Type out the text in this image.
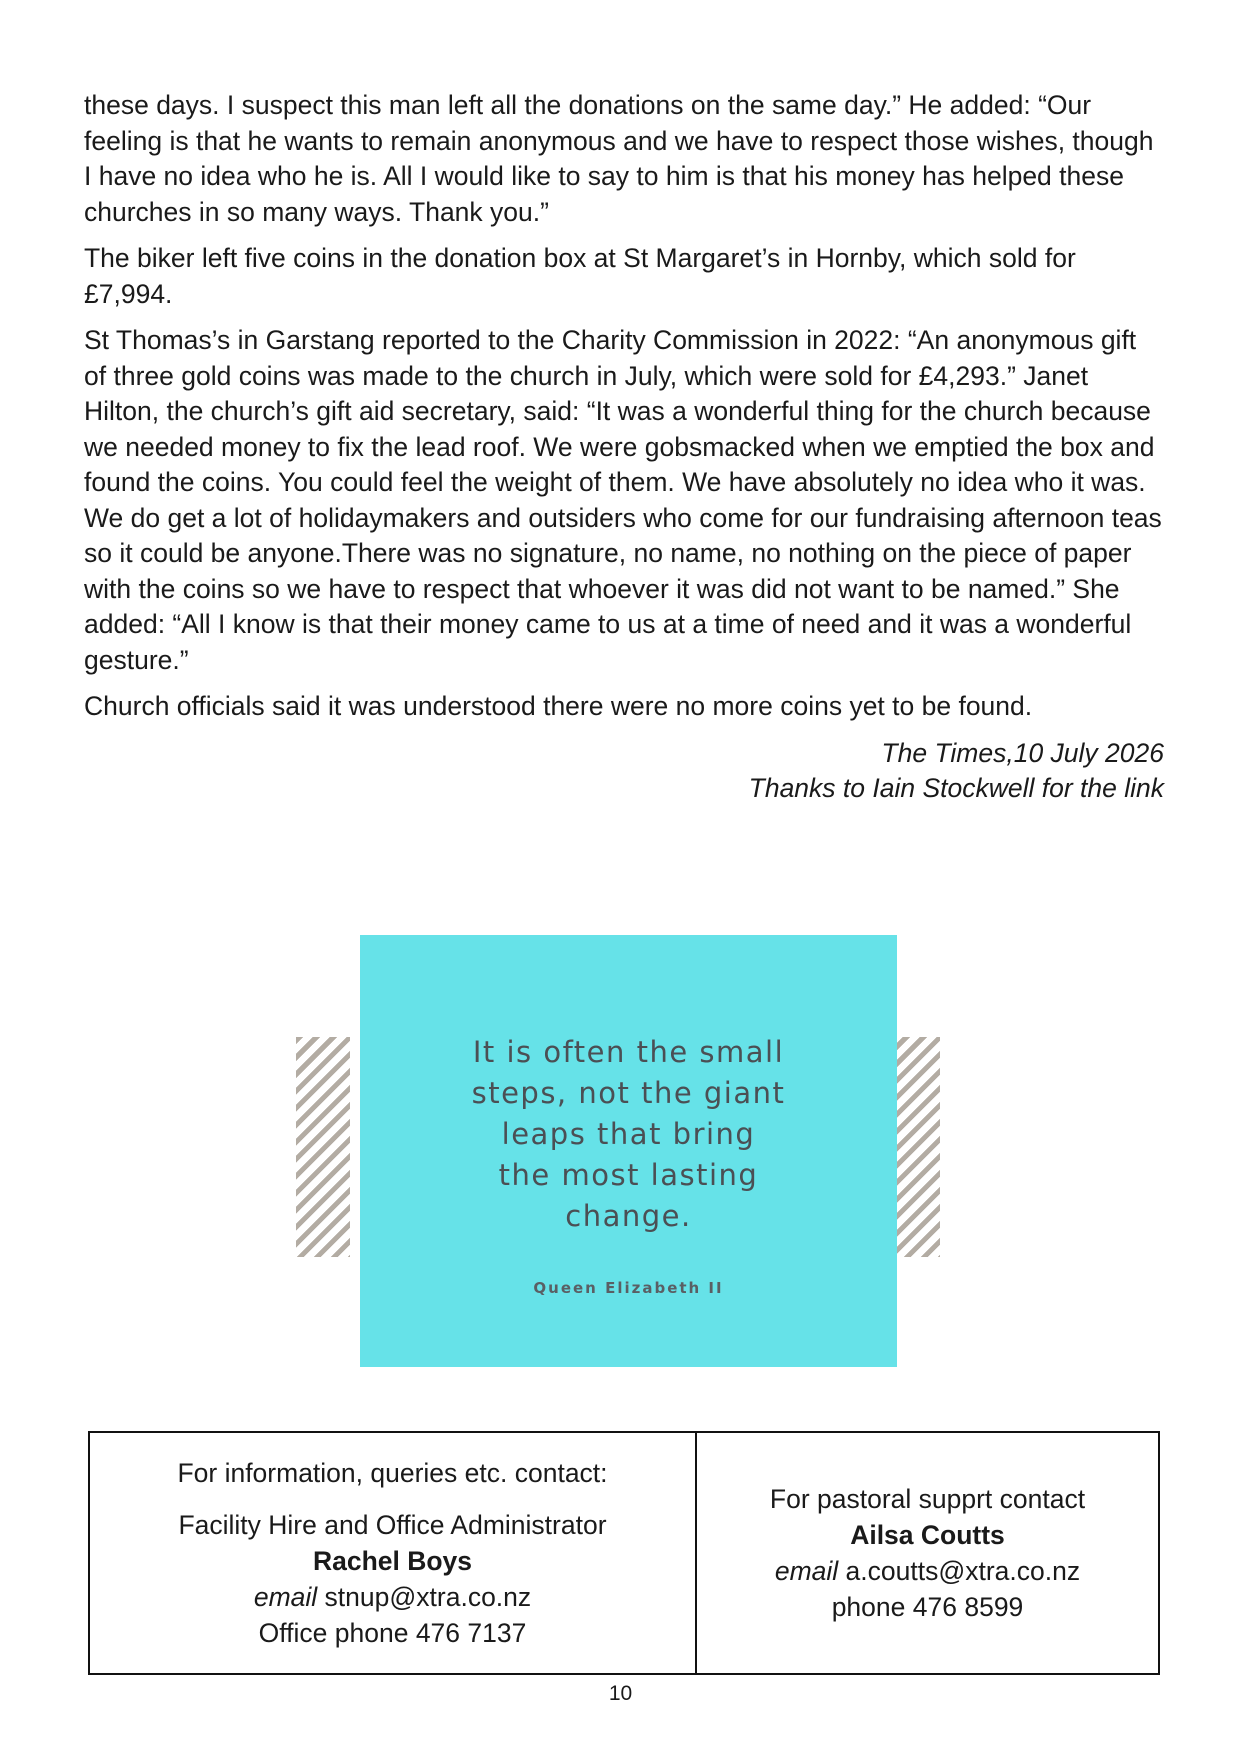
these days. I suspect this man left all the donations on the same day.” He added: “Our feeling is that he wants to remain anonymous and we have to respect those wishes, though I have no idea who he is. All I would like to say to him is that his money has helped these churches in so many ways. Thank you.”

The biker left five coins in the donation box at St Margaret’s in Hornby, which sold for £7,994.

St Thomas’s in Garstang reported to the Charity Commission in 2022: “An anonymous gift of three gold coins was made to the church in July, which were sold for £4,293.” Janet Hilton, the church’s gift aid secretary, said: “It was a wonderful thing for the church because we needed money to fix the lead roof. We were gobsmacked when we emptied the box and found the coins. You could feel the weight of them. We have absolutely no idea who it was. We do get a lot of holidaymakers and outsiders who come for our fundraising afternoon teas so it could be anyone.There was no signature, no name, no nothing on the piece of paper with the coins so we have to respect that whoever it was did not want to be named.” She added: “All I know is that their money came to us at a time of need and it was a wonderful gesture.”

Church officials said it was understood there were no more coins yet to be found.

The Times,10 July 2026
Thanks to Iain Stockwell for the link
It is often the small
steps, not the giant
leaps that bring
the most lasting
change.
Queen Elizabeth II
For information, queries etc. contact:
Facility Hire and Office Administrator
Rachel Boys
email stnup@xtra.co.nz
Office phone 476 7137
For pastoral supprt contact
Ailsa Coutts
email a.coutts@xtra.co.nz
phone 476 8599
10
